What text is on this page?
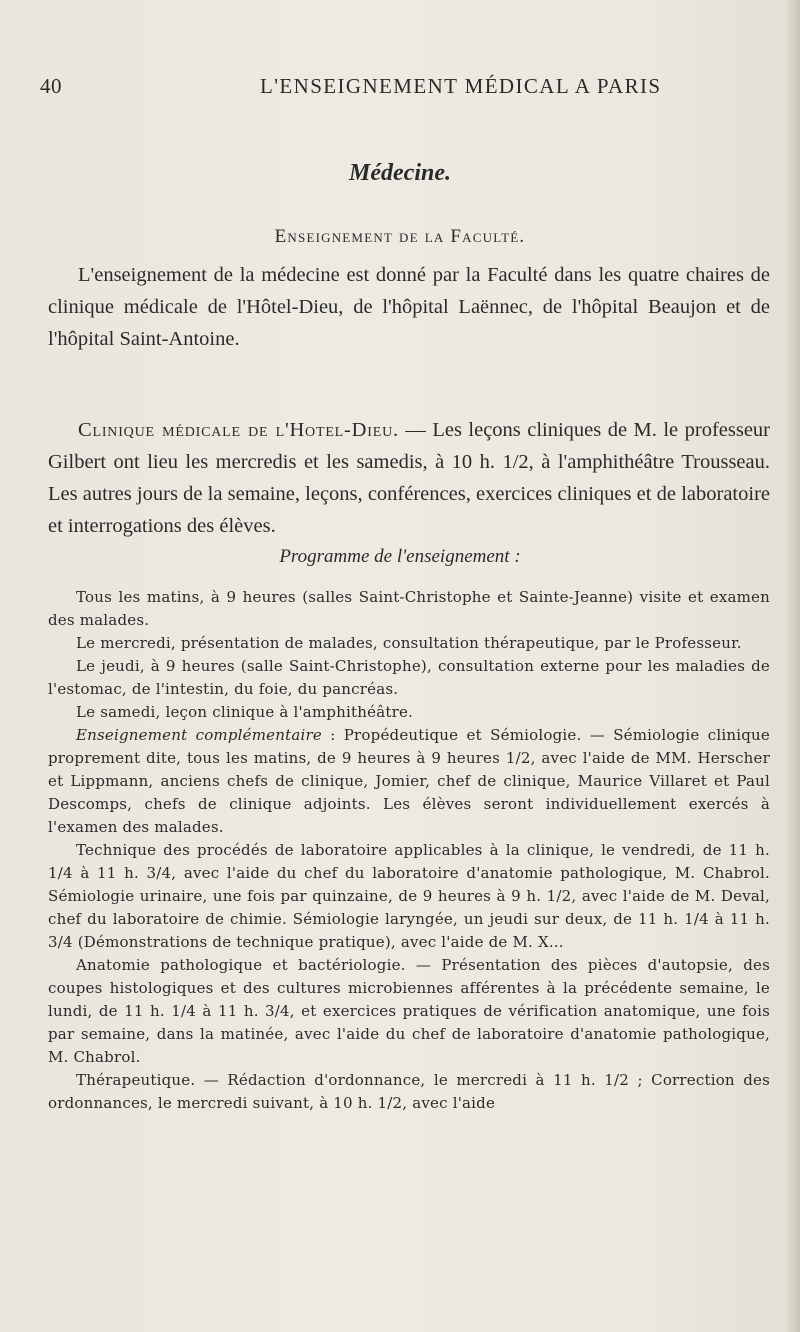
40	L'ENSEIGNEMENT MÉDICAL A PARIS
Médecine.
Enseignement de la Faculté.
L'enseignement de la médecine est donné par la Faculté dans les quatre chaires de clinique médicale de l'Hôtel-Dieu, de l'hôpital Laënnec, de l'hôpital Beaujon et de l'hôpital Saint-Antoine.
Clinique médicale de l'Hotel-Dieu. — Les leçons cliniques de M. le professeur Gilbert ont lieu les mercredis et les samedis, à 10 h. 1/2, à l'amphithéâtre Trousseau. Les autres jours de la semaine, leçons, conférences, exercices cliniques et de laboratoire et interrogations des élèves.
Programme de l'enseignement :

Tous les matins, à 9 heures (salles Saint-Christophe et Sainte-Jeanne) visite et examen des malades.

Le mercredi, présentation de malades, consultation thérapeutique, par le Professeur.

Le jeudi, à 9 heures (salle Saint-Christophe), consultation externe pour les maladies de l'estomac, de l'intestin, du foie, du pancréas.

Le samedi, leçon clinique à l'amphithéâtre.

Enseignement complémentaire : Propédeutique et Sémiologie. — Sémiologie clinique proprement dite, tous les matins, de 9 heures à 9 heures 1/2, avec l'aide de MM. Herscher et Lippmann, anciens chefs de clinique, Jomier, chef de clinique, Maurice Villaret et Paul Descomps, chefs de clinique adjoints. Les élèves seront individuellement exercés à l'examen des malades.

Technique des procédés de laboratoire applicables à la clinique, le vendredi, de 11 h. 1/4 à 11 h. 3/4, avec l'aide du chef du laboratoire d'anatomie pathologique, M. Chabrol. Sémiologie urinaire, une fois par quinzaine, de 9 heures à 9 h. 1/2, avec l'aide de M. Deval, chef du laboratoire de chimie. Sémiologie laryngée, un jeudi sur deux, de 11 h. 1/4 à 11 h. 3/4 (Démonstrations de technique pratique), avec l'aide de M. X...

Anatomie pathologique et bactériologie. — Présentation des pièces d'autopsie, des coupes histologiques et des cultures microbiennes afférentes à la précédente semaine, le lundi, de 11 h. 1/4 à 11 h. 3/4, et exercices pratiques de vérification anatomique, une fois par semaine, dans la matinée, avec l'aide du chef de laboratoire d'anatomie pathologique, M. Chabrol.

Thérapeutique. — Rédaction d'ordonnance, le mercredi à 11 h. 1/2 ; Correction des ordonnances, le mercredi suivant, à 10 h. 1/2, avec l'aide
